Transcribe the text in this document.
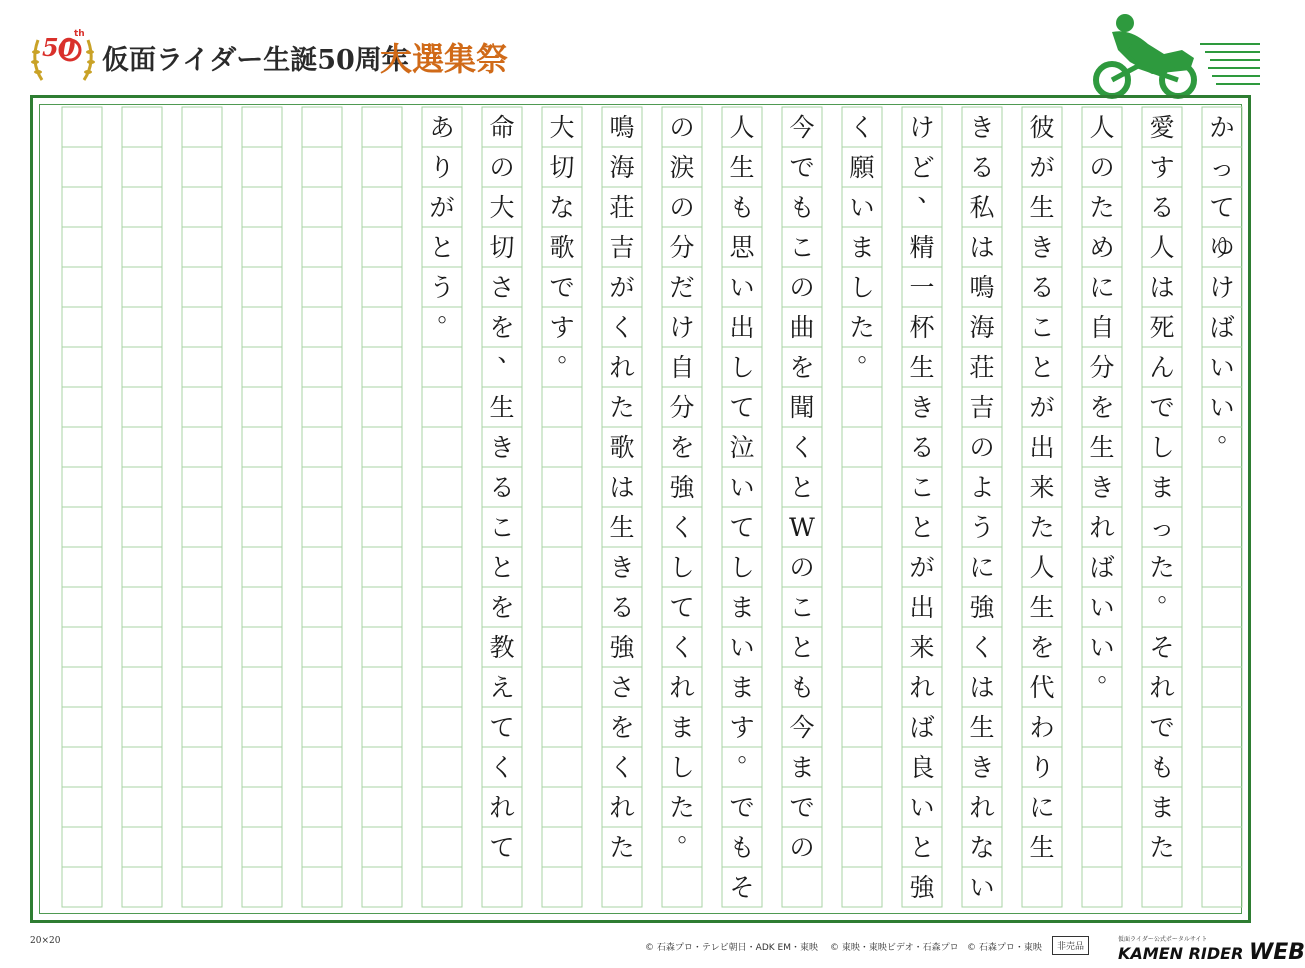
50
th
仮面ライダー生誕50周年
大選集祭
か
っ
て
ゆ
け
ば
い
い
。
愛
す
る
人
は
死
ん
で
し
ま
っ
た
。
そ
れ
で
も
ま
た
人
の
た
め
に
自
分
を
生
き
れ
ば
い
い
。
彼
が
生
き
る
こ
と
が
出
来
た
人
生
を
代
わ
り
に
生
き
る
私
は
鳴
海
荘
吉
の
よ
う
に
強
く
は
生
き
れ
な
い
け
ど
、
精
一
杯
生
き
る
こ
と
が
出
来
れ
ば
良
い
と
強
く
願
い
ま
し
た
。
今
で
も
こ
の
曲
を
聞
く
と
W
の
こ
と
も
今
ま
で
の
人
生
も
思
い
出
し
て
泣
い
て
し
ま
い
ま
す
。
で
も
そ
の
涙
の
分
だ
け
自
分
を
強
く
し
て
く
れ
ま
し
た
。
鳴
海
荘
吉
が
く
れ
た
歌
は
生
き
る
強
さ
を
く
れ
た
大
切
な
歌
で
す
。
命
の
大
切
さ
を
、
生
き
る
こ
と
を
教
え
て
く
れ
て
あ
り
が
と
う
。
20×20
© 石森プロ・テレビ朝日・ADK EM・東映 © 東映・東映ビデオ・石森プロ © 石森プロ・東映	非売品
仮面ライダー公式ポータルサイト
KAMEN RIDER WEB
